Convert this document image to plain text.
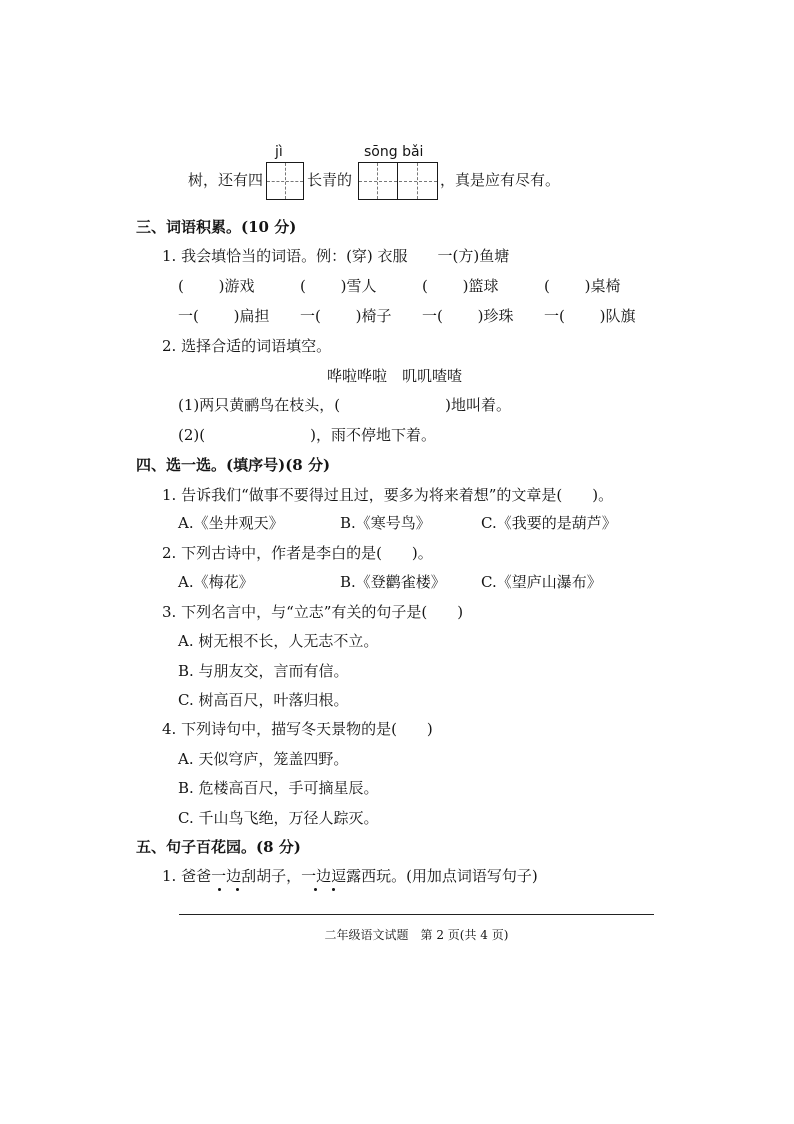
jì	sōng bǎi
树，还有四	长青的	，真是应有尽有。
三、词语积累。(10 分)
1. 我会填恰当的词语。例：(穿) 衣服　　一(方)鱼塘
(　　 )游戏	(　　 )雪人	(　　 )篮球	(　　 )桌椅
一(　　 )扁担 一(　　 )椅子 一(　　 )珍珠 一(　　 )队旗
2. 选择合适的词语填空。
哗啦哗啦　叽叽喳喳
(1)两只黄鹂鸟在枝头，(　　　　　　　)地叫着。
(2)(　　　　　　　)，雨不停地下着。
四、选一选。(填序号)(8 分)
1. 告诉我们“做事不要得过且过，要多为将来着想”的文章是(　　)。
A.《坐井观天》	B.《寒号鸟》	C.《我要的是葫芦》
2. 下列古诗中，作者是李白的是(　　)。
A.《梅花》	B.《登鹳雀楼》 C.《望庐山瀑布》
3. 下列名言中，与“立志”有关的句子是(　　)
A. 树无根不长，人无志不立。
B. 与朋友交，言而有信。
C. 树高百尺，叶落归根。
4. 下列诗句中，描写冬天景物的是(　　)
A. 天似穹庐，笼盖四野。
B. 危楼高百尺，手可摘星辰。
C. 千山鸟飞绝，万径人踪灭。
五、句子百花园。(8 分)
1. 爸爸一边刮胡子，一边逗露西玩。(用加点词语写句子)
二年级语文试题　第 2 页(共 4 页)
